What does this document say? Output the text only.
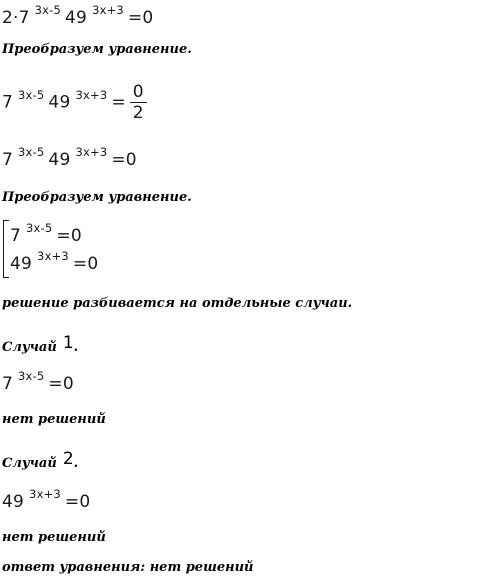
2·7 $^{3x-5}$ 49 $^{3x+3}$ =0
Преобразуем уравнение.
7 $^{3x-5}$ 49 $^{3x+3} = \frac{0}{2}$
7 $^{3x-5}$ 49 $^{3x+3}$ =0
Преобразуем уравнение.
7 $^{3x-5}$ =0
49 $^{3x+3}$ =0
решение разбивается на отдельные случаи.
Случай 1.
7 $^{3x-5}$ =0
нет решений
Случай 2.
49 $^{3x+3}$ =0
нет решений
ответ уравнения: нет решений
